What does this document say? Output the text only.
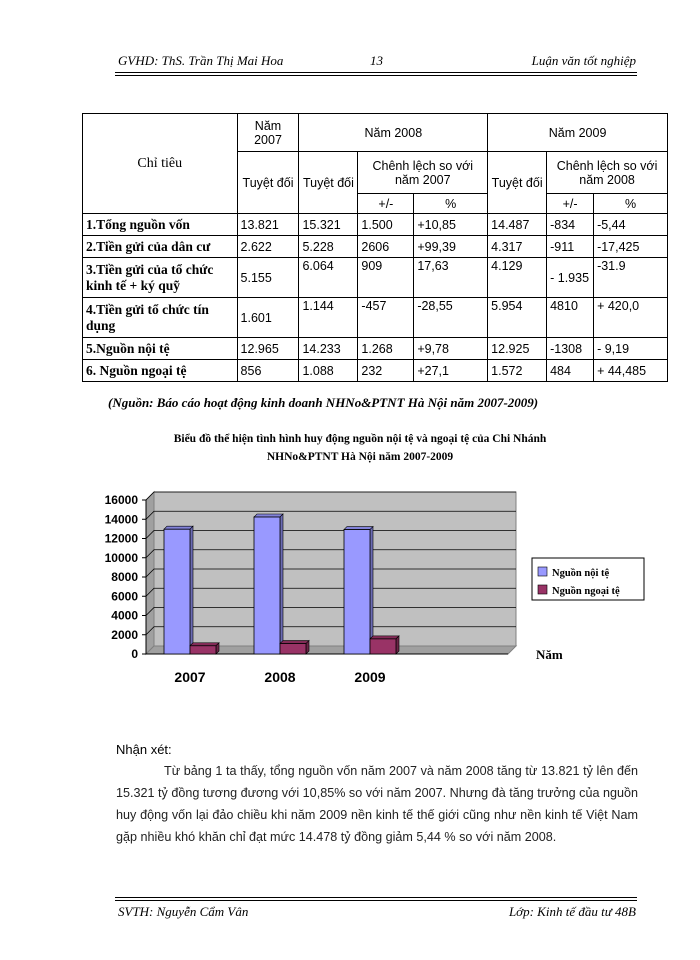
GVHD: ThS. Trần Thị Mai Hoa	13	Luận văn tốt nghiệp
Chỉ tiêu	Năm 2007	Năm 2008			Năm 2009		
	Tuyệt đối	Tuyệt đối	Chênh lệch so với năm 2007		Tuyệt đối	Chênh lệch so với năm 2008	
			+/-	%		+/-	%
1.Tổng nguồn vốn	13.821	15.321	1.500	+10,85	14.487	-834	-5,44
2.Tiền gửi của dân cư	2.622	5.228	2606	+99,39	4.317	-911	-17,425
3.Tiền gửi của tổ chức kinh tế + ký quỹ	5.155	6.064	909	17,63	4.129	- 1.935	-31.9
4.Tiền gửi tổ chức tín dụng	1.601	1.144	-457	-28,55	5.954	4810	+ 420,0
5.Nguồn nội tệ	12.965	14.233	1.268	+9,78	12.925	-1308	- 9,19
6. Nguồn ngoại tệ	856	1.088	232	+27,1	1.572	484	+ 44,485
(Nguồn: Báo cáo hoạt động kinh doanh NHNo&PTNT Hà Nội năm 2007-2009)
Biểu đồ thể hiện tình hình huy động nguồn nội tệ và ngoại tệ của Chi Nhánh
NHNo&PTNT Hà Nội năm 2007-2009
16000
14000
12000
10000
8000
6000
4000
2000
0
2007	2008	2009
Nguồn nội tệ
Nguồn ngoại tệ
Năm
Nhận xét:
Từ bảng 1 ta thấy, tổng nguồn vốn năm 2007 và năm 2008 tăng từ 13.821 tỷ lên đến 15.321 tỷ đồng tương đương với 10,85% so với năm 2007. Nhưng đà tăng trưởng của nguồn huy động vốn lại đảo chiều khi năm 2009 nền kinh tế thế giới cũng như nền kinh tế Việt Nam gặp nhiều khó khăn chỉ đạt mức 14.478 tỷ đồng giảm 5,44 % so với năm 2008.
SVTH: Nguyễn Cẩm Vân	Lớp: Kinh tế đầu tư 48B
